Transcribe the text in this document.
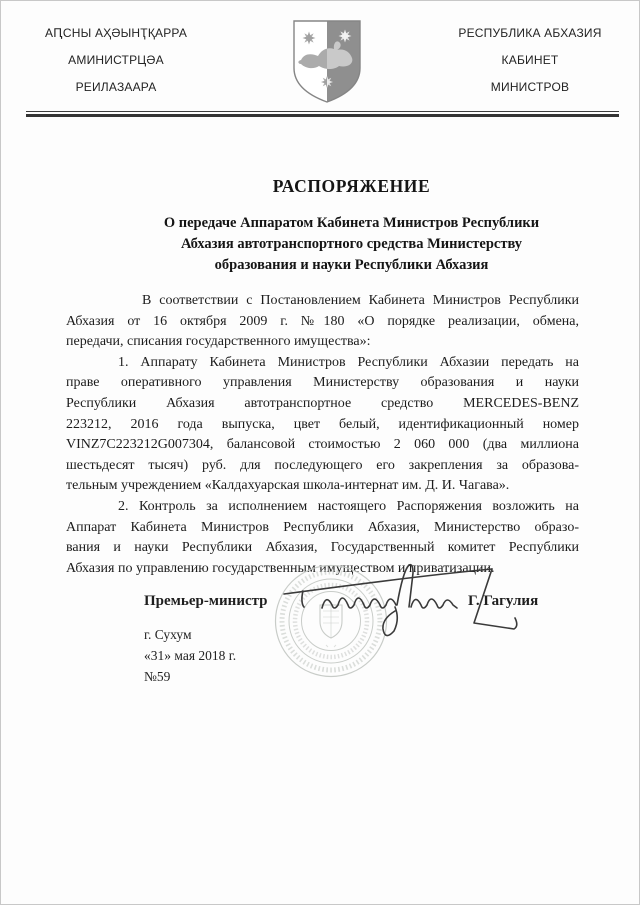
АԤСНЫ АҲӘЫНҬҚАРРА
АМИНИСТРЦӘА
РЕИЛАЗААРА
РЕСПУБЛИКА АБХАЗИЯ
КАБИНЕТ
МИНИСТРОВ
РАСПОРЯЖЕНИЕ
О передаче Аппаратом Кабинета Министров Республики
Абхазия автотранспортного средства Министерству
образования и науки Республики Абхазия
В соответствии с Постановлением Кабинета Министров Республики
Абхазия от 16 октября 2009 г. №180 «О порядке реализации, обмена,
передачи, списания государственного имущества»:
1. Аппарату Кабинета Министров Республики Абхазии передать на
праве оперативного управления Министерству образования и науки
Республики Абхазия автотранспортное средство MERCEDES-BENZ
223212, 2016 года выпуска, цвет белый, идентификационный номер
VINZ7C223212G007304, балансовой стоимостью 2 060 000 (два миллиона
шестьдесят тысяч) руб. для последующего его закрепления за образова-
тельным учреждением «Калдахуарская школа-интернат им. Д. И. Чагава».
2. Контроль за исполнением настоящего Распоряжения возложить на
Аппарат Кабинета Министров Республики Абхазия, Министерство образо-
вания и науки Республики Абхазия, Государственный комитет Республики
Абхазия по управлению государственным имуществом и приватизации.
Премьер-министр	Г. Гагулия
г. Сухум
«31» мая 2018 г.
№59
